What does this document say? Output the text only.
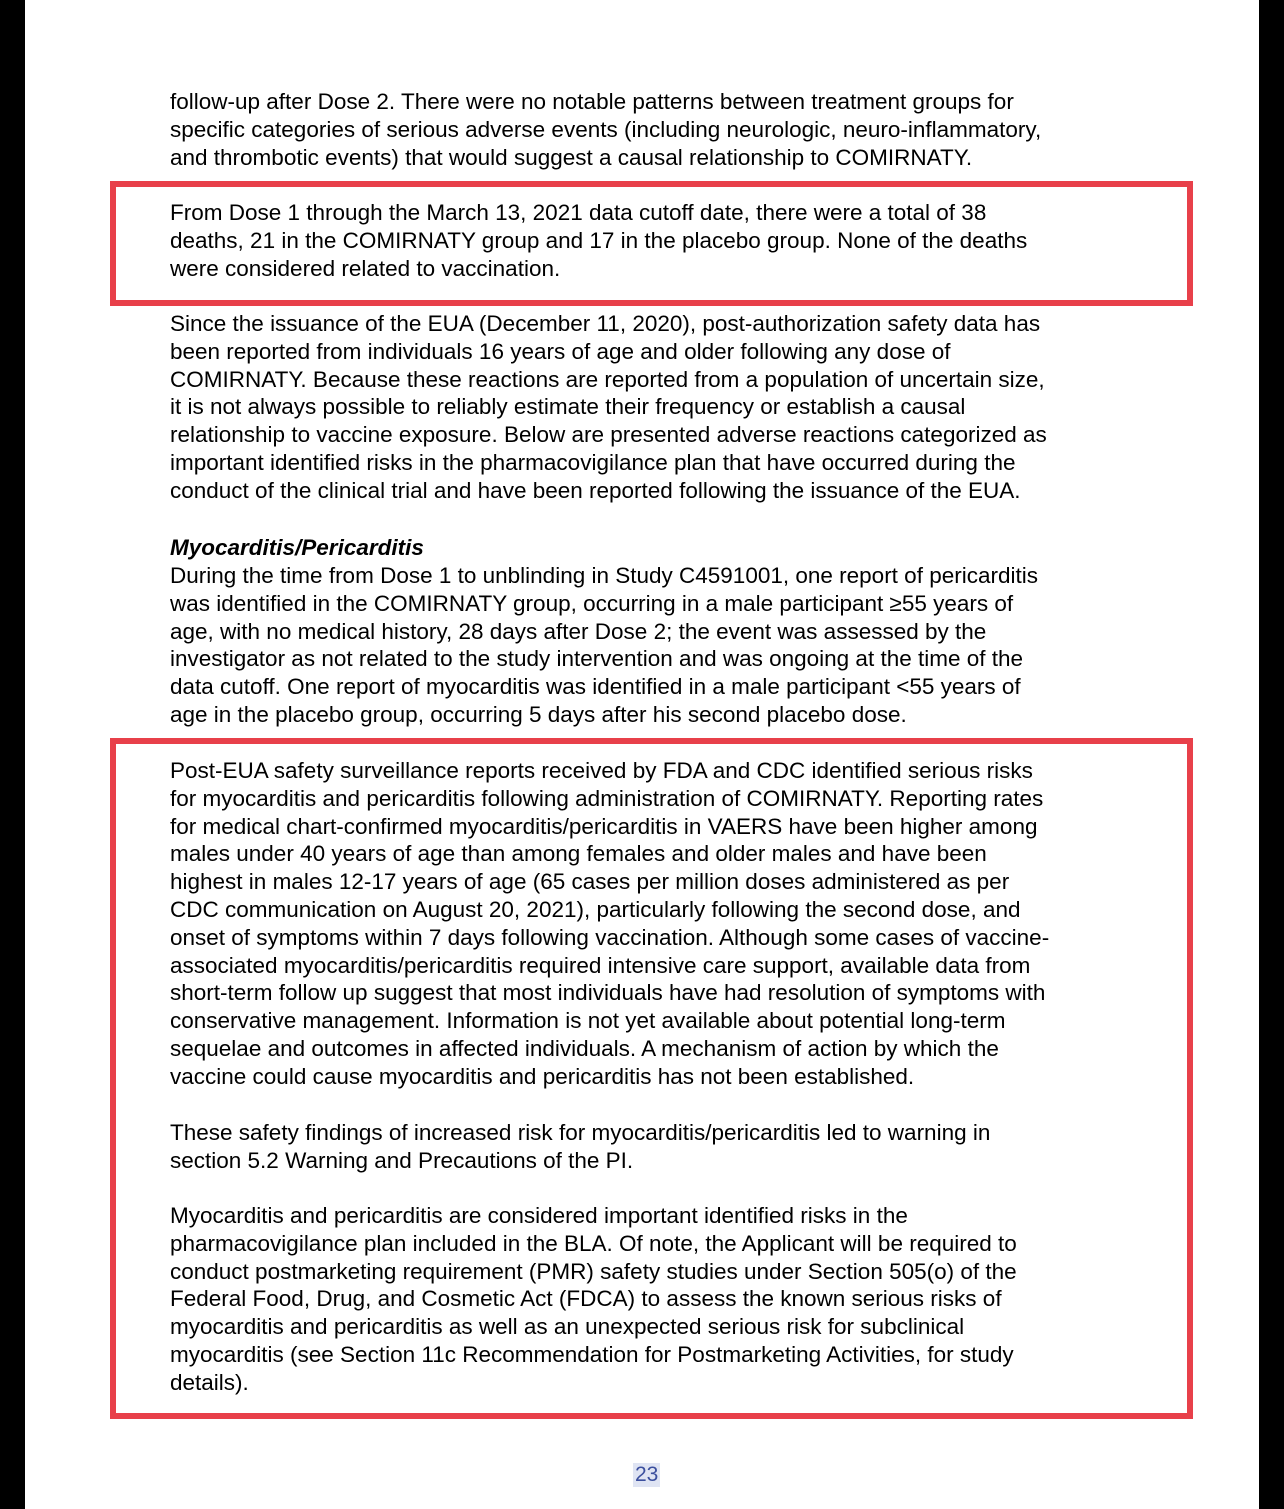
follow-up after Dose 2. There were no notable patterns between treatment groups for
specific categories of serious adverse events (including neurologic, neuro-inflammatory,
and thrombotic events) that would suggest a causal relationship to COMIRNATY.

From Dose 1 through the March 13, 2021 data cutoff date, there were a total of 38
deaths, 21 in the COMIRNATY group and 17 in the placebo group. None of the deaths
were considered related to vaccination.

Since the issuance of the EUA (December 11, 2020), post-authorization safety data has
been reported from individuals 16 years of age and older following any dose of
COMIRNATY. Because these reactions are reported from a population of uncertain size,
it is not always possible to reliably estimate their frequency or establish a causal
relationship to vaccine exposure. Below are presented adverse reactions categorized as
important identified risks in the pharmacovigilance plan that have occurred during the
conduct of the clinical trial and have been reported following the issuance of the EUA.

Myocarditis/Pericarditis

During the time from Dose 1 to unblinding in Study C4591001, one report of pericarditis
was identified in the COMIRNATY group, occurring in a male participant ≥55 years of
age, with no medical history, 28 days after Dose 2; the event was assessed by the
investigator as not related to the study intervention and was ongoing at the time of the
data cutoff. One report of myocarditis was identified in a male participant <55 years of
age in the placebo group, occurring 5 days after his second placebo dose.

Post-EUA safety surveillance reports received by FDA and CDC identified serious risks
for myocarditis and pericarditis following administration of COMIRNATY. Reporting rates
for medical chart-confirmed myocarditis/pericarditis in VAERS have been higher among
males under 40 years of age than among females and older males and have been
highest in males 12-17 years of age (65 cases per million doses administered as per
CDC communication on August 20, 2021), particularly following the second dose, and
onset of symptoms within 7 days following vaccination. Although some cases of vaccine-
associated myocarditis/pericarditis required intensive care support, available data from
short-term follow up suggest that most individuals have had resolution of symptoms with
conservative management. Information is not yet available about potential long-term
sequelae and outcomes in affected individuals. A mechanism of action by which the
vaccine could cause myocarditis and pericarditis has not been established.

These safety findings of increased risk for myocarditis/pericarditis led to warning in
section 5.2 Warning and Precautions of the PI.

Myocarditis and pericarditis are considered important identified risks in the
pharmacovigilance plan included in the BLA. Of note, the Applicant will be required to
conduct postmarketing requirement (PMR) safety studies under Section 505(o) of the
Federal Food, Drug, and Cosmetic Act (FDCA) to assess the known serious risks of
myocarditis and pericarditis as well as an unexpected serious risk for subclinical
myocarditis (see Section 11c Recommendation for Postmarketing Activities, for study
details).

23
